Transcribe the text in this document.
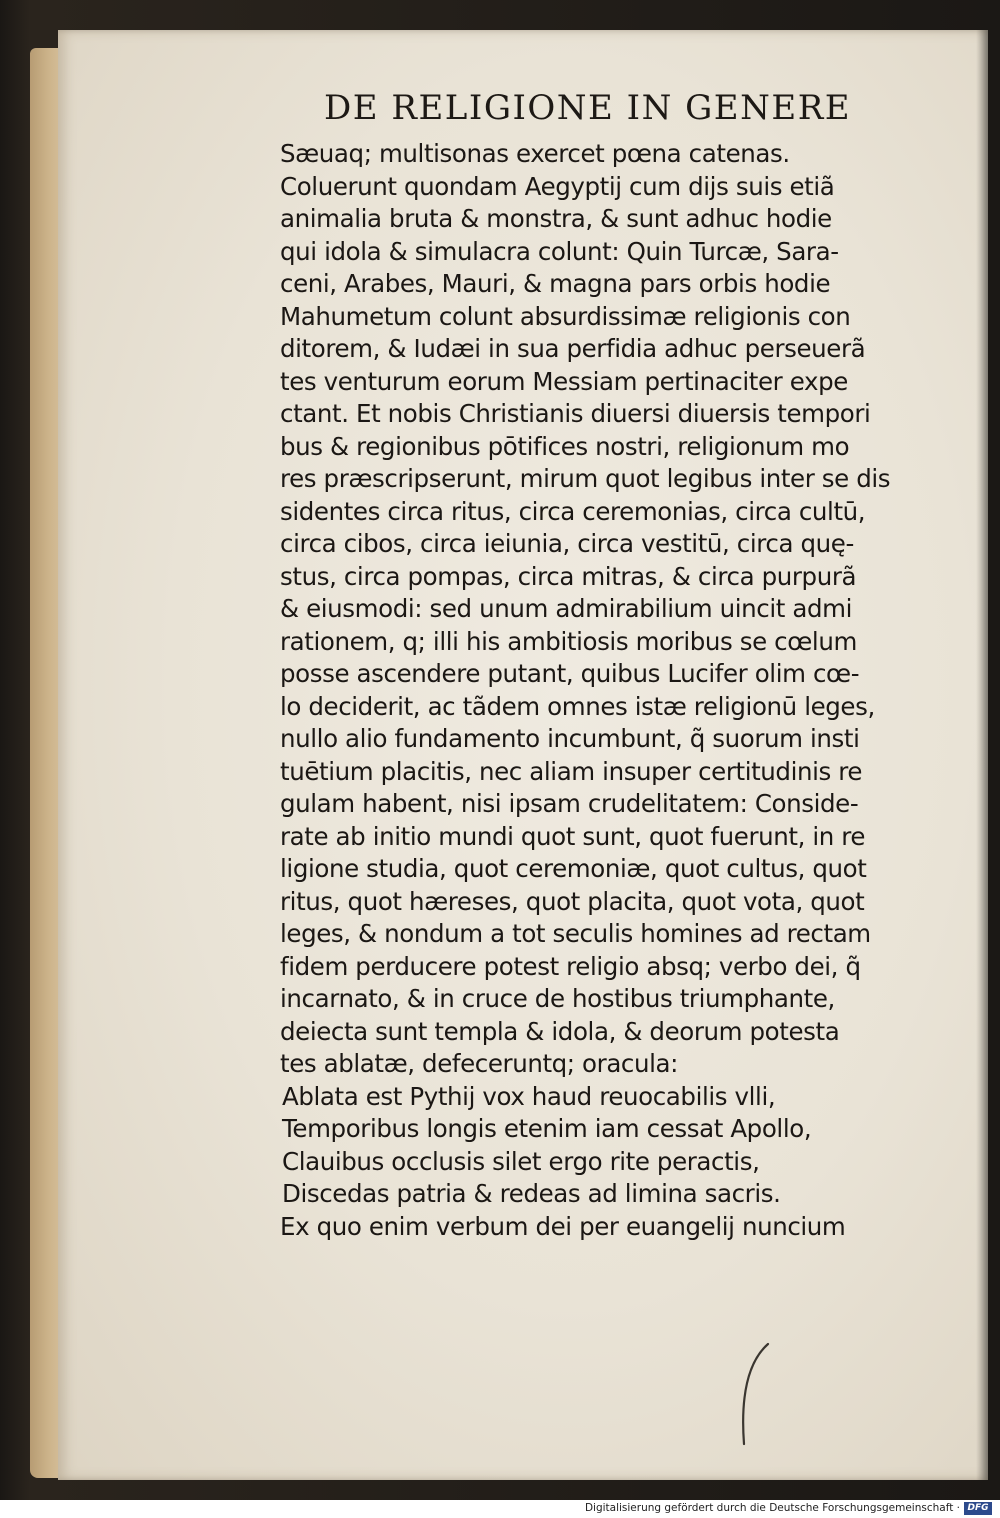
DE RELIGIONE IN GENERE
Sæuaq; multisonas exercet pœna catenas.
Coluerunt quondam Aegyptij cum dijs suis etiã
animalia bruta & monstra, & sunt adhuc hodie
qui idola & simulacra colunt: Quin Turcæ, Sara-
ceni, Arabes, Mauri, & magna pars orbis hodie
Mahumetum colunt absurdissimæ religionis con
ditorem, & Iudæi in sua perfidia adhuc perseuerã
tes venturum eorum Messiam pertinaciter expe
ctant. Et nobis Christianis diuersi diuersis tempori
bus & regionibus pōtifices nostri, religionum mo
res præscripserunt, mirum quot legibus inter se dis
sidentes circa ritus, circa ceremonias, circa cultū,
circa cibos, circa ieiunia, circa vestitū, circa quę-
stus, circa pompas, circa mitras, & circa purpurã
& eiusmodi: sed unum admirabilium uincit admi
rationem, q; illi his ambitiosis moribus se cœlum
posse ascendere putant, quibus Lucifer olim cœ-
lo deciderit, ac tãdem omnes istæ religionū leges,
nullo alio fundamento incumbunt, q̃ suorum insti
tuētium placitis, nec aliam insuper certitudinis re
gulam habent, nisi ipsam crudelitatem: Conside-
rate ab initio mundi quot sunt, quot fuerunt, in re
ligione studia, quot ceremoniæ, quot cultus, quot
ritus, quot hæreses, quot placita, quot vota, quot
leges, & nondum a tot seculis homines ad rectam
fidem perducere potest religio absq; verbo dei, q̃
incarnato, & in cruce de hostibus triumphante,
deiecta sunt templa & idola, & deorum potesta
tes ablatæ, defeceruntq; oracula:
Ablata est Pythij vox haud reuocabilis vlli,
Temporibus longis etenim iam cessat Apollo,
Clauibus occlusis silet ergo rite peractis,
Discedas patria & redeas ad limina sacris.
Ex quo enim verbum dei per euangelij nuncium
Digitalisierung gefördert durch die Deutsche Forschungsgemeinschaft · DFG
